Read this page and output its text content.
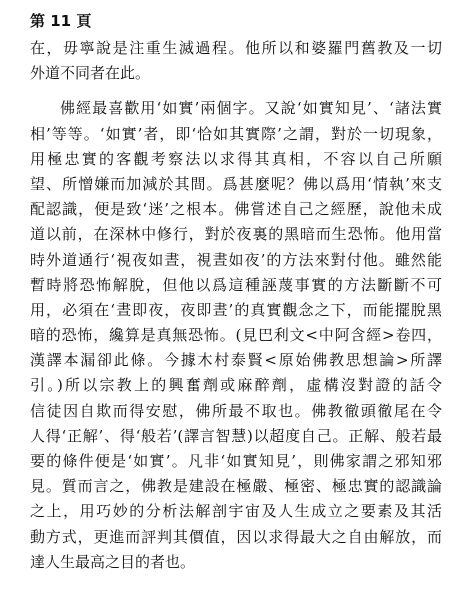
第 11 頁

在，毋寧說是注重生滅過程。他所以和婆羅門舊教及一切
外道不同者在此。
佛經最喜歡用‘如實’兩個字。又說‘如實知見’、‘諸法實
相’等等。‘如實’者，即‘恰如其實際’之謂，對於一切現象，
用極忠實的客觀考察法以求得其真相，不容以自己所願
望、所憎嫌而加減於其間。爲甚麼呢？佛以爲用‘情執’來支
配認識，便是致‘迷’之根本。佛嘗述自己之經歷，說他未成
道以前，在深林中修行，對於夜裏的黑暗而生恐怖。他用當
時外道通行‘視夜如晝，視晝如夜’的方法來對付他。雖然能
暫時將恐怖解脫，但他以爲這種誣蔑事實的方法斷斷不可
用，必須在‘晝即夜，夜即晝’的真實觀念之下，而能擺脫黑
暗的恐怖，纔算是真無恐怖。(見巴利文<中阿含經>卷四，
漢譯本漏卻此條。今據木村泰賢<原始佛教思想論>所譯
引。)所以宗教上的興奮劑或麻醉劑，虛構沒對證的話令
信徒因自欺而得安慰，佛所最不取也。佛教徹頭徹尾在令
人得‘正解’、得‘般若’(譯言智慧)以超度自己。正解、般若最
要的條件便是‘如實’。凡非‘如實知見’，則佛家謂之邪知邪
見。質而言之，佛教是建設在極嚴、極密、極忠實的認識論
之上，用巧妙的分析法解剖宇宙及人生成立之要素及其活
動方式，更進而評判其價值，因以求得最大之自由解放，而
達人生最高之目的者也。
